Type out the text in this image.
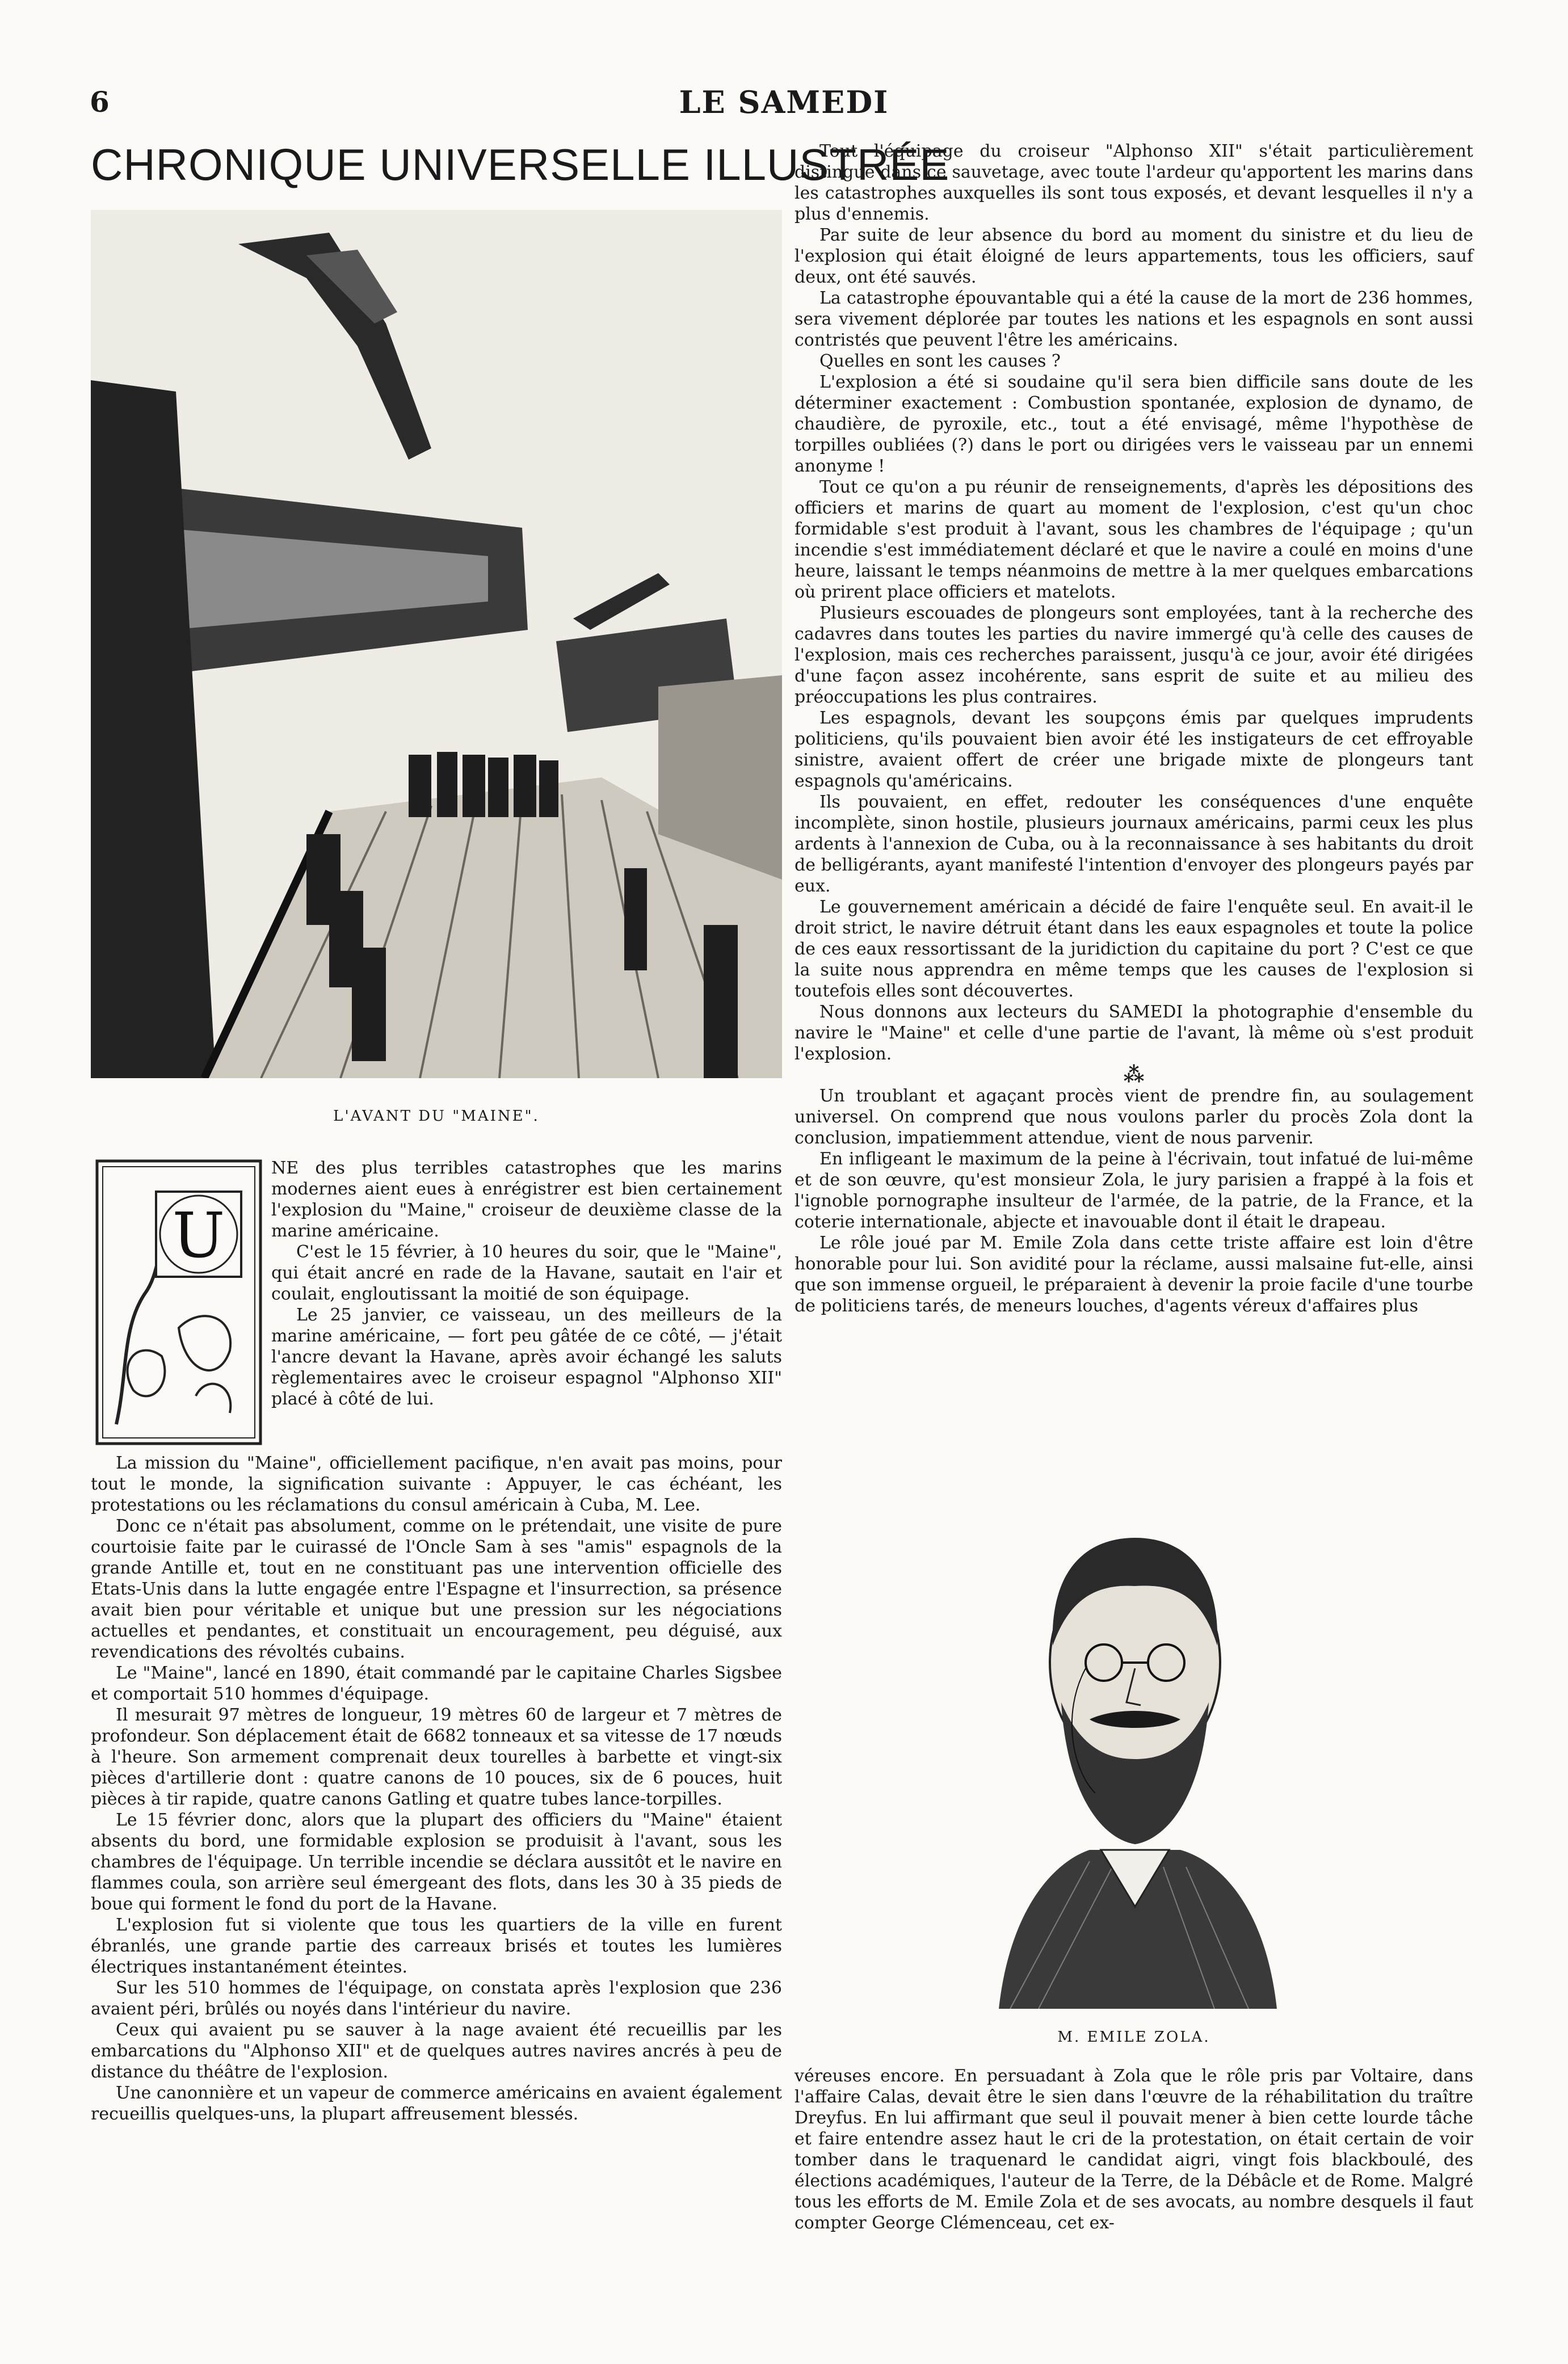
6	LE SAMEDI
CHRONIQUE UNIVERSELLE ILLUSTRÉE
L'AVANT DU "MAINE".
U

NE des plus terribles catastrophes que les marins modernes aient eues à enrégistrer est bien certainement l'explosion du "Maine," croiseur de deuxième classe de la marine américaine.

C'est le 15 février, à 10 heures du soir, que le "Maine", qui était ancré en rade de la Havane, sautait en l'air et coulait, engloutissant la moitié de son équipage.

Le 25 janvier, ce vaisseau, un des meilleurs de la marine américaine, — fort peu gâtée de ce côté, — j'était l'ancre devant la Havane, après avoir échangé les saluts règlementaires avec le croiseur espagnol "Alphonso XII" placé à côté de lui.

La mission du "Maine", officiellement pacifique, n'en avait pas moins, pour tout le monde, la signification suivante : Appuyer, le cas échéant, les protestations ou les réclamations du consul américain à Cuba, M. Lee.

Donc ce n'était pas absolument, comme on le prétendait, une visite de pure courtoisie faite par le cuirassé de l'Oncle Sam à ses "amis" espagnols de la grande Antille et, tout en ne constituant pas une intervention officielle des Etats-Unis dans la lutte engagée entre l'Espagne et l'insurrection, sa présence avait bien pour véritable et unique but une pression sur les négociations actuelles et pendantes, et constituait un encouragement, peu déguisé, aux revendications des révoltés cubains.

Le "Maine", lancé en 1890, était commandé par le capitaine Charles Sigsbee et comportait 510 hommes d'équipage.

Il mesurait 97 mètres de longueur, 19 mètres 60 de largeur et 7 mètres de profondeur. Son déplacement était de 6682 tonneaux et sa vitesse de 17 nœuds à l'heure. Son armement comprenait deux tourelles à barbette et vingt-six pièces d'artillerie dont : quatre canons de 10 pouces, six de 6 pouces, huit pièces à tir rapide, quatre canons Gatling et quatre tubes lance-torpilles.

Le 15 février donc, alors que la plupart des officiers du "Maine" étaient absents du bord, une formidable explosion se produisit à l'avant, sous les chambres de l'équipage. Un terrible incendie se déclara aussitôt et le navire en flammes coula, son arrière seul émergeant des flots, dans les 30 à 35 pieds de boue qui forment le fond du port de la Havane.

L'explosion fut si violente que tous les quartiers de la ville en furent ébranlés, une grande partie des carreaux brisés et toutes les lumières électriques instantanément éteintes.

Sur les 510 hommes de l'équipage, on constata après l'explosion que 236 avaient péri, brûlés ou noyés dans l'intérieur du navire.

Ceux qui avaient pu se sauver à la nage avaient été recueillis par les embarcations du "Alphonso XII" et de quelques autres navires ancrés à peu de distance du théâtre de l'explosion.

Une canonnière et un vapeur de commerce américains en avaient également recueillis quelques-uns, la plupart affreusement blessés.

Tout l'équipage du croiseur "Alphonso XII" s'était particulièrement distingué dans ce sauvetage, avec toute l'ardeur qu'apportent les marins dans les catastrophes auxquelles ils sont tous exposés, et devant lesquelles il n'y a plus d'ennemis.

Par suite de leur absence du bord au moment du sinistre et du lieu de l'explosion qui était éloigné de leurs appartements, tous les officiers, sauf deux, ont été sauvés.

La catastrophe épouvantable qui a été la cause de la mort de 236 hommes, sera vivement déplorée par toutes les nations et les espagnols en sont aussi contristés que peuvent l'être les américains.

Quelles en sont les causes ?

L'explosion a été si soudaine qu'il sera bien difficile sans doute de les déterminer exactement : Combustion spontanée, explosion de dynamo, de chaudière, de pyroxile, etc., tout a été envisagé, même l'hypothèse de torpilles oubliées (?) dans le port ou dirigées vers le vaisseau par un ennemi anonyme !

Tout ce qu'on a pu réunir de renseignements, d'après les dépositions des officiers et marins de quart au moment de l'explosion, c'est qu'un choc formidable s'est produit à l'avant, sous les chambres de l'équipage ; qu'un incendie s'est immédiatement déclaré et que le navire a coulé en moins d'une heure, laissant le temps néanmoins de mettre à la mer quelques embarcations où prirent place officiers et matelots.

Plusieurs escouades de plongeurs sont employées, tant à la recherche des cadavres dans toutes les parties du navire immergé qu'à celle des causes de l'explosion, mais ces recherches paraissent, jusqu'à ce jour, avoir été dirigées d'une façon assez incohérente, sans esprit de suite et au milieu des préoccupations les plus contraires.

Les espagnols, devant les soupçons émis par quelques imprudents politiciens, qu'ils pouvaient bien avoir été les instigateurs de cet effroyable sinistre, avaient offert de créer une brigade mixte de plongeurs tant espagnols qu'américains.

Ils pouvaient, en effet, redouter les conséquences d'une enquête incomplète, sinon hostile, plusieurs journaux américains, parmi ceux les plus ardents à l'annexion de Cuba, ou à la reconnaissance à ses habitants du droit de belligérants, ayant manifesté l'intention d'envoyer des plongeurs payés par eux.

Le gouvernement américain a décidé de faire l'enquête seul. En avait-il le droit strict, le navire détruit étant dans les eaux espagnoles et toute la police de ces eaux ressortissant de la juridiction du capitaine du port ? C'est ce que la suite nous apprendra en même temps que les causes de l'explosion si toutefois elles sont découvertes.

Nous donnons aux lecteurs du SAMEDI la photographie d'ensemble du navire le "Maine" et celle d'une partie de l'avant, là même où s'est produit l'explosion.

⁂

Un troublant et agaçant procès vient de prendre fin, au soulagement universel. On comprend que nous voulons parler du procès Zola dont la conclusion, impatiemment attendue, vient de nous parvenir.

En infligeant le maximum de la peine à l'écrivain, tout infatué de lui-même et de son œuvre, qu'est monsieur Zola, le jury parisien a frappé à la fois et l'ignoble pornographe insulteur de l'armée, de la patrie, de la France, et la coterie internationale, abjecte et inavouable dont il était le drapeau.

Le rôle joué par M. Emile Zola dans cette triste affaire est loin d'être honorable pour lui. Son avidité pour la réclame, aussi malsaine fut-elle, ainsi que son immense orgueil, le préparaient à devenir la proie facile d'une tourbe de politiciens tarés, de meneurs louches, d'agents véreux d'affaires plus

M. EMILE ZOLA.

véreuses encore. En persuadant à Zola que le rôle pris par Voltaire, dans l'affaire Calas, devait être le sien dans l'œuvre de la réhabilitation du traître Dreyfus. En lui affirmant que seul il pouvait mener à bien cette lourde tâche et faire entendre assez haut le cri de la protestation, on était certain de voir tomber dans le traquenard le candidat aigri, vingt fois blackboulé, des élections académiques, l'auteur de la Terre, de la Débâcle et de Rome. Malgré tous les efforts de M. Emile Zola et de ses avocats, au nombre desquels il faut compter George Clémenceau, cet ex-
